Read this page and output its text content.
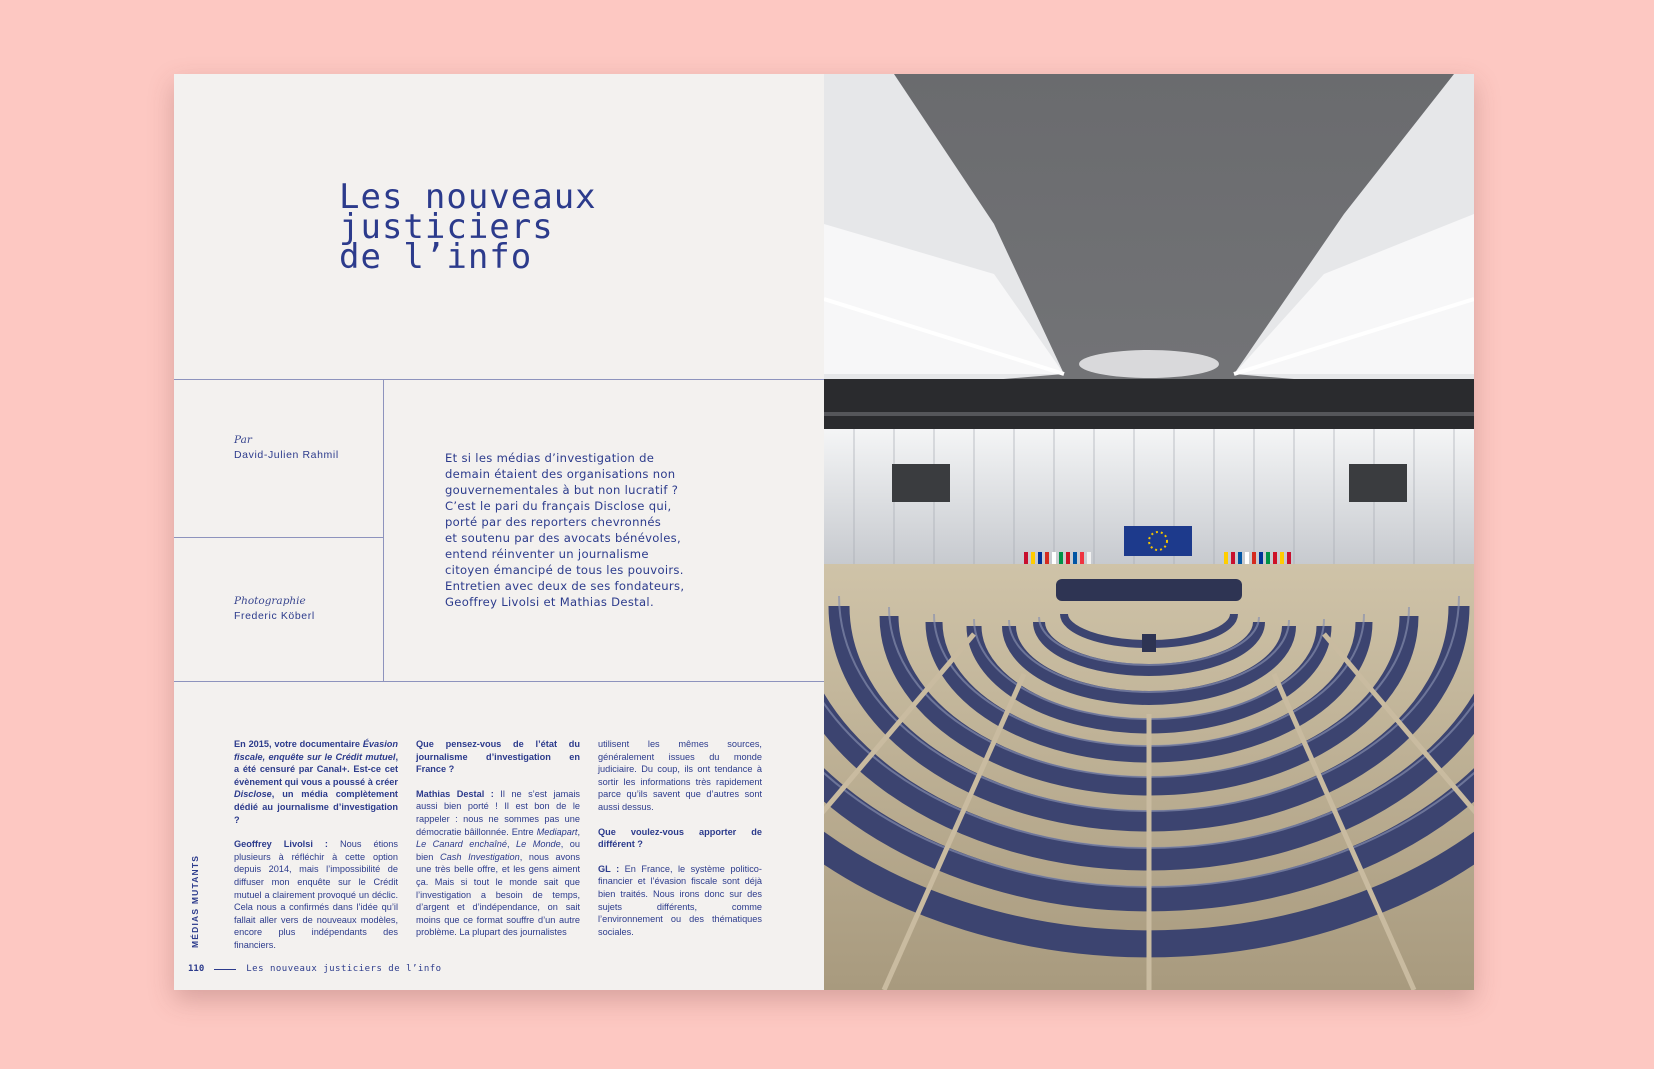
Les nouveaux
justiciers
de l’info
Par
David-Julien Rahmil
Photographie
Frederic Köberl

Et si les médias d’investigation de
demain étaient des organisations non
gouvernementales à but non lucratif ?
C’est le pari du français Disclose qui,
porté par des reporters chevronnés
et soutenu par des avocats bénévoles,
entend réinventer un journalisme
citoyen émancipé de tous les pouvoirs.
Entretien avec deux de ses fondateurs,
Geoffrey Livolsi et Mathias Destal.

En 2015, votre documentaire Évasion fiscale, enquête sur le Crédit mutuel, a été censuré par Canal+. Est-ce cet évènement qui vous a poussé à créer Disclose, un média complètement dédié au journalisme d’investigation ?

Geoffrey Livolsi : Nous étions plusieurs à réfléchir à cette option depuis 2014, mais l’impossibilité de diffuser mon enquête sur le Crédit mutuel a clairement provoqué un déclic. Cela nous a confirmés dans l’idée qu’il fallait aller vers de nouveaux modèles, encore plus indépendants des financiers.

Que pensez-vous de l’état du journalisme d’investigation en France ?

Mathias Destal : Il ne s’est jamais aussi bien porté ! Il est bon de le rappeler : nous ne sommes pas une démocratie bâillonnée. Entre Mediapart, Le Canard enchaîné, Le Monde, ou bien Cash Investigation, nous avons une très belle offre, et les gens aiment ça. Mais si tout le monde sait que l’investigation a besoin de temps, d’argent et d’indépendance, on sait moins que ce format souffre d’un autre problème. La plupart des journalistes

utilisent les mêmes sources, généralement issues du monde judiciaire. Du coup, ils ont tendance à sortir les informations très rapidement parce qu’ils savent que d’autres sont aussi dessus.

Que voulez-vous apporter de différent ?

GL : En France, le système politico-financier et l’évasion fiscale sont déjà bien traités. Nous irons donc sur des sujets différents, comme l’environnement ou des thématiques sociales.

MÉDIAS MUTANTS
110	Les nouveaux justiciers de l’info
